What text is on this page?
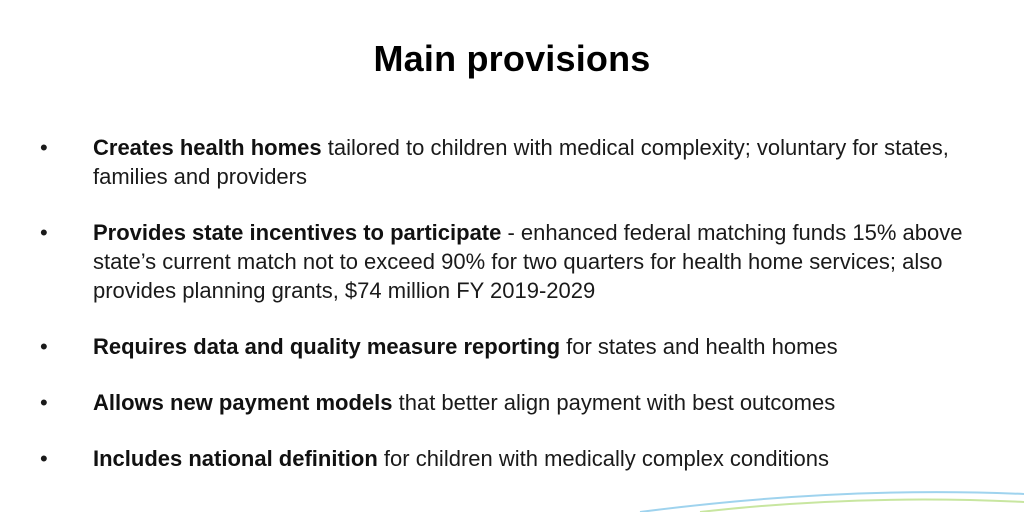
Main provisions
• Creates health homes tailored to children with medical complexity; voluntary for states, families and providers
• Provides state incentives to participate - enhanced federal matching funds 15% above state’s current match not to exceed 90% for two quarters for health home services; also provides planning grants, $74 million FY 2019-2029
• Requires data and quality measure reporting for states and health homes
• Allows new payment models that better align payment with best outcomes
• Includes national definition for children with medically complex conditions
